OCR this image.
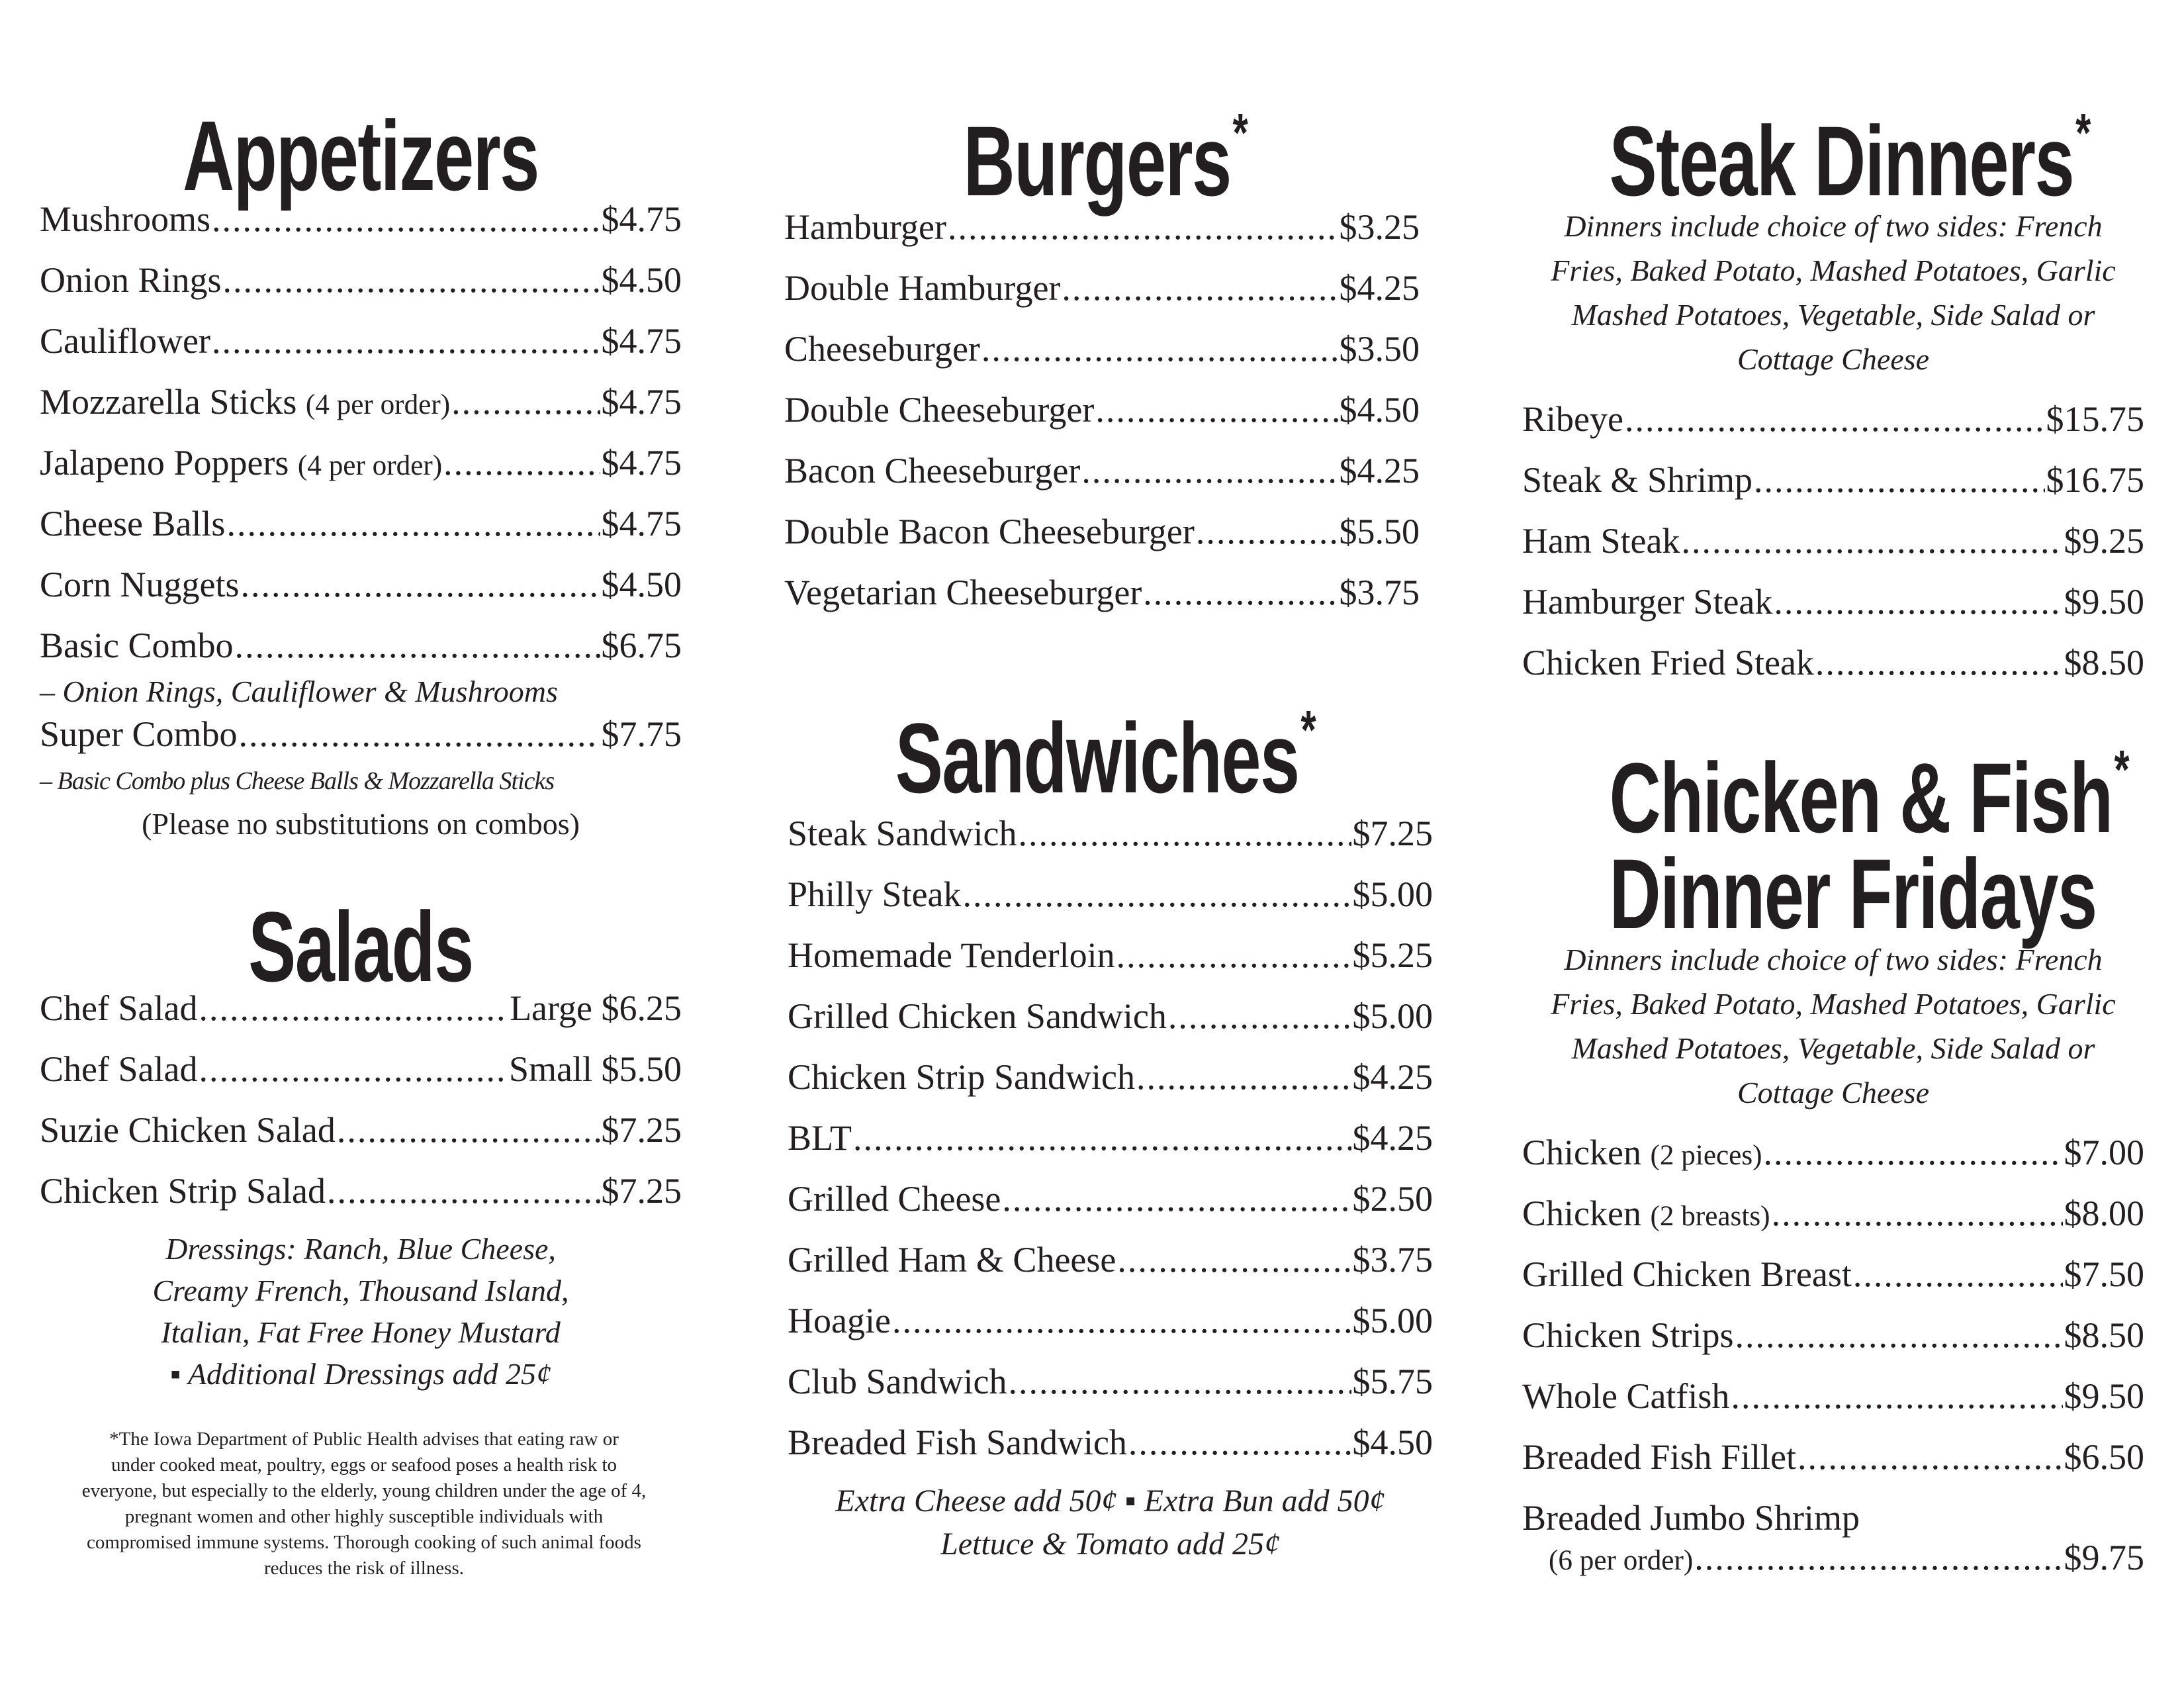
Appetizers
Mushrooms .....	$4.75
Onion Rings .....	$4.50
Cauliflower .....	$4.75
Mozzarella Sticks
(4 per order) .....	$4.75
Jalapeno Poppers
(4 per order) .....	$4.75
Cheese Balls .....	$4.75
Corn Nuggets .....	$4.50
Basic Combo .....	$6.75
– Onion Rings, Cauliflower & Mushrooms
Super Combo .....	$7.75
– Basic Combo plus Cheese Balls & Mozzarella Sticks
(Please no substitutions on combos)
Salads
Chef Salad .....	Large $6.25
Chef Salad .....	Small $5.50
Suzie Chicken Salad .....	$7.25
Chicken Strip Salad .....	$7.25
Dressings: Ranch, Blue Cheese,
Creamy French, Thousand Island,
Italian, Fat Free Honey Mustard
▪ Additional Dressings add 25¢
*The Iowa Department of Public Health advises that eating raw or
under cooked meat, poultry, eggs or seafood poses a health risk to
everyone, but especially to the elderly, young children under the age of 4,
pregnant women and other highly susceptible individuals with
compromised immune systems. Thorough cooking of such animal foods
reduces the risk of illness.
Burgers*
Hamburger .....	$3.25
Double Hamburger .....	$4.25
Cheeseburger .....	$3.50
Double Cheeseburger .....	$4.50
Bacon Cheeseburger .....	$4.25
Double Bacon Cheeseburger .....	$5.50
Vegetarian Cheeseburger .....	$3.75
Sandwiches*
Steak Sandwich .....	$7.25
Philly Steak .....	$5.00
Homemade Tenderloin .....	$5.25
Grilled Chicken Sandwich .....	$5.00
Chicken Strip Sandwich .....	$4.25
BLT .....	$4.25
Grilled Cheese .....	$2.50
Grilled Ham & Cheese .....	$3.75
Hoagie .....	$5.00
Club Sandwich .....	$5.75
Breaded Fish Sandwich .....	$4.50
Extra Cheese add 50¢ ▪ Extra Bun add 50¢
Lettuce & Tomato add 25¢
Steak Dinners*
Dinners include choice of two sides: French
Fries, Baked Potato, Mashed Potatoes, Garlic
Mashed Potatoes, Vegetable, Side Salad or
Cottage Cheese
Ribeye .....	$15.75
Steak & Shrimp .....	$16.75
Ham Steak .....	$9.25
Hamburger Steak .....	$9.50
Chicken Fried Steak .....	$8.50
Chicken & Fish*
Dinner Fridays
Dinners include choice of two sides: French
Fries, Baked Potato, Mashed Potatoes, Garlic
Mashed Potatoes, Vegetable, Side Salad or
Cottage Cheese
Chicken
(2 pieces) .....	$7.00
Chicken
(2 breasts) .....	$8.00
Grilled Chicken Breast .....	$7.50
Chicken Strips .....	$8.50
Whole Catfish .....	$9.50
Breaded Fish Fillet .....	$6.50
Breaded Jumbo Shrimp
(6 per order) .....	$9.75
